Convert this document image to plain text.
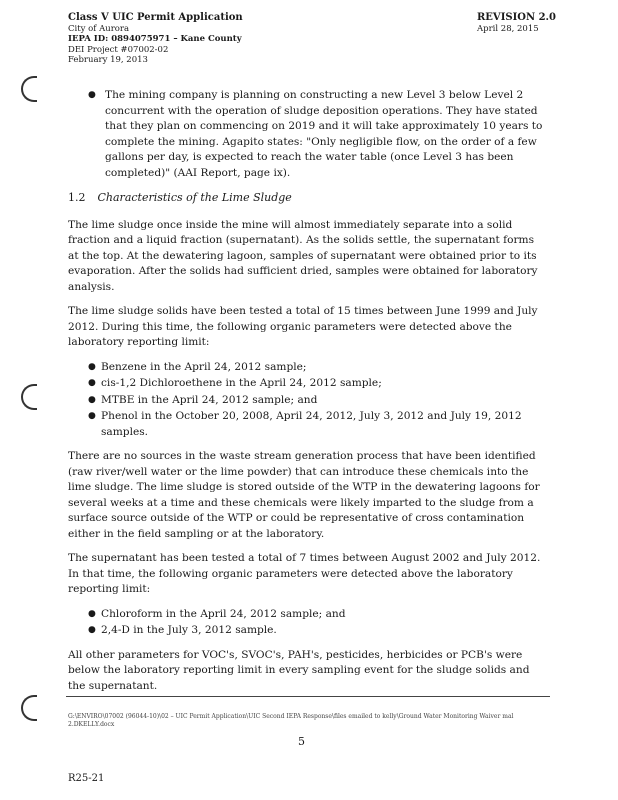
Class V UIC Permit Application
City of Aurora
IEPA ID: 0894075971 – Kane County
DEI Project #07002-02
February 19, 2013
REVISION 2.0
April 28, 2015
● The mining company is planning on constructing a new Level 3 below Level 2 concurrent with the operation of sludge deposition operations. They have stated that they plan on commencing on 2019 and it will take approximately 10 years to complete the mining. Agapito states: "Only negligible flow, on the order of a few gallons per day, is expected to reach the water table (once Level 3 has been completed)" (AAI Report, page ix).
1.2 Characteristics of the Lime Sludge

The lime sludge once inside the mine will almost immediately separate into a solid fraction and a liquid fraction (supernatant). As the solids settle, the supernatant forms at the top. At the dewatering lagoon, samples of supernatant were obtained prior to its evaporation. After the solids had sufficient dried, samples were obtained for laboratory analysis.

The lime sludge solids have been tested a total of 15 times between June 1999 and July 2012. During this time, the following organic parameters were detected above the laboratory reporting limit:

● Benzene in the April 24, 2012 sample;
● cis-1,2 Dichloroethene in the April 24, 2012 sample;
● MTBE in the April 24, 2012 sample; and
● Phenol in the October 20, 2008, April 24, 2012, July 3, 2012 and July 19, 2012 samples.

There are no sources in the waste stream generation process that have been identified (raw river/well water or the lime powder) that can introduce these chemicals into the lime sludge. The lime sludge is stored outside of the WTP in the dewatering lagoons for several weeks at a time and these chemicals were likely imparted to the sludge from a surface source outside of the WTP or could be representative of cross contamination either in the field sampling or at the laboratory.

The supernatant has been tested a total of 7 times between August 2002 and July 2012. In that time, the following organic parameters were detected above the laboratory reporting limit:

● Chloroform in the April 24, 2012 sample; and
● 2,4-D in the July 3, 2012 sample.

All other parameters for VOC's, SVOC's, PAH's, pesticides, herbicides or PCB's were below the laboratory reporting limit in every sampling event for the sludge solids and the supernatant.

G:\ENVIRO\07002 (96044-10)\02 – UIC Permit Application\UIC Second IEPA Response\files emailed to kelly\Ground Water Monitoring Waiver mal 2.DKELLY.docx
5
R25-21
